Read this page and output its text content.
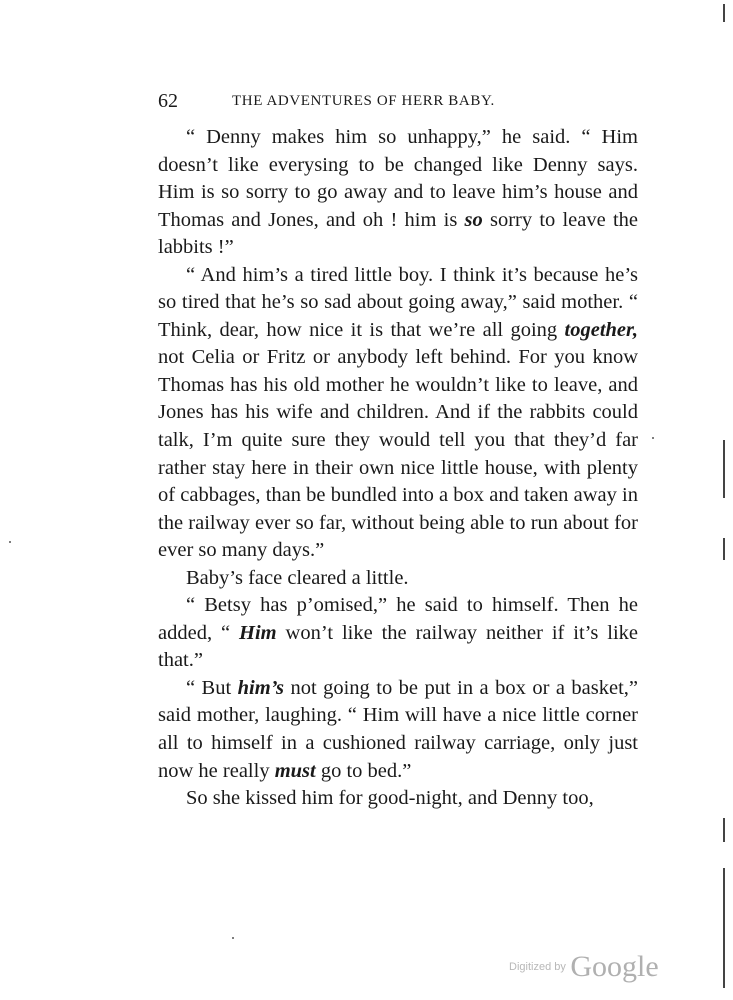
62	THE ADVENTURES OF HERR BABY.

“ Denny makes him so unhappy,” he said. “ Him doesn’t like everysing to be changed like Denny says. Him is so sorry to go away and to leave him’s house and Thomas and Jones, and oh ! him is so sorry to leave the labbits !”

“ And him’s a tired little boy. I think it’s because he’s so tired that he’s so sad about going away,” said mother. “ Think, dear, how nice it is that we’re all going together, not Celia or Fritz or anybody left behind. For you know Thomas has his old mother he wouldn’t like to leave, and Jones has his wife and children. And if the rabbits could talk, I’m quite sure they would tell you that they’d far rather stay here in their own nice little house, with plenty of cabbages, than be bundled into a box and taken away in the railway ever so far, without being able to run about for ever so many days.”

Baby’s face cleared a little.

“ Betsy has p’omised,” he said to himself. Then he added, “ Him won’t like the railway neither if it’s like that.”

“ But him’s not going to be put in a box or a basket,” said mother, laughing. “ Him will have a nice little corner all to himself in a cushioned railway carriage, only just now he really must go to bed.”

So she kissed him for good-night, and Denny too,

Digitized by Google
